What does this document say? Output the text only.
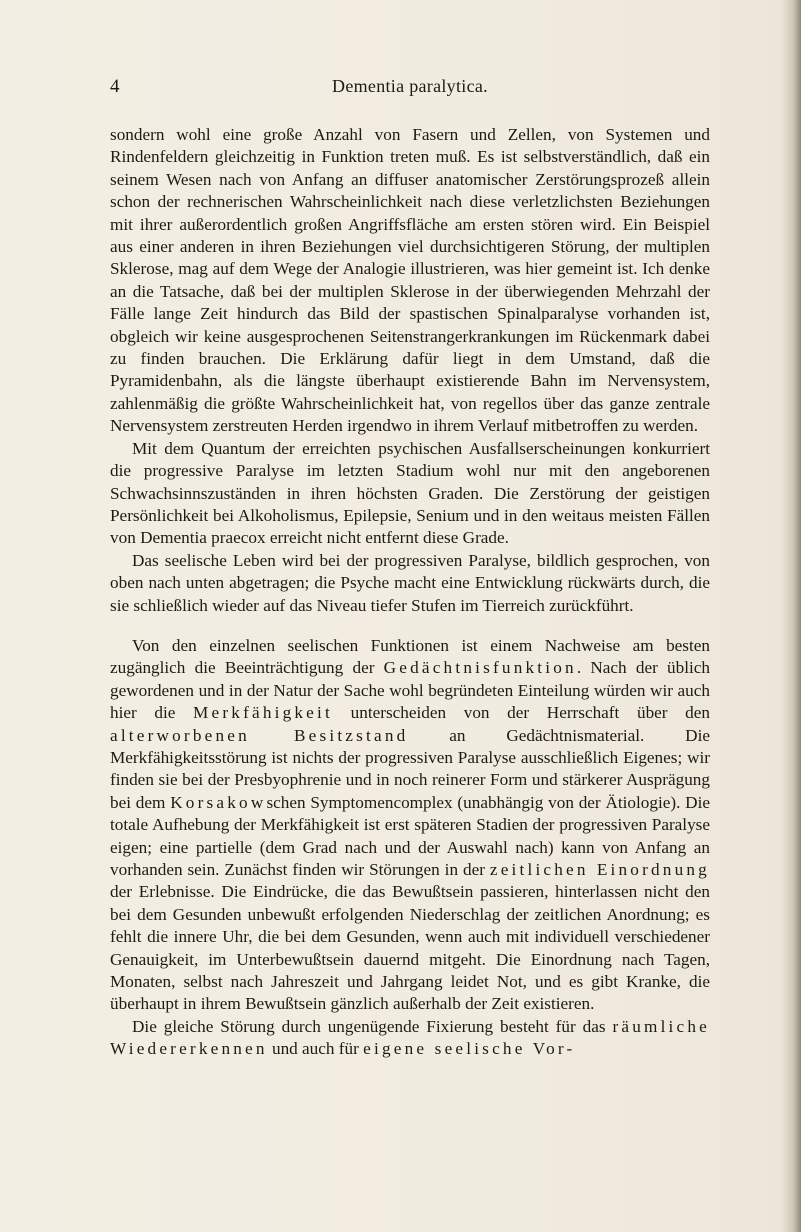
4	Dementia paralytica.

sondern wohl eine große Anzahl von Fasern und Zellen, von Systemen und Rindenfeldern gleichzeitig in Funktion treten muß. Es ist selbstverständlich, daß ein seinem Wesen nach von Anfang an diffuser anatomischer Zerstörungsprozeß allein schon der rechnerischen Wahrscheinlichkeit nach diese verletzlichsten Beziehungen mit ihrer außerordentlich großen Angriffsfläche am ersten stören wird. Ein Beispiel aus einer anderen in ihren Beziehungen viel durchsichtigeren Störung, der multiplen Sklerose, mag auf dem Wege der Analogie illustrieren, was hier gemeint ist. Ich denke an die Tatsache, daß bei der multiplen Sklerose in der überwiegenden Mehrzahl der Fälle lange Zeit hindurch das Bild der spastischen Spinalparalyse vorhanden ist, obgleich wir keine ausgesprochenen Seitenstrangerkrankungen im Rückenmark dabei zu finden brauchen. Die Erklärung dafür liegt in dem Umstand, daß die Pyramidenbahn, als die längste überhaupt existierende Bahn im Nervensystem, zahlenmäßig die größte Wahrscheinlichkeit hat, von regellos über das ganze zentrale Nervensystem zerstreuten Herden irgendwo in ihrem Verlauf mitbetroffen zu werden.

Mit dem Quantum der erreichten psychischen Ausfallserscheinungen konkurriert die progressive Paralyse im letzten Stadium wohl nur mit den angeborenen Schwachsinnszuständen in ihren höchsten Graden. Die Zerstörung der geistigen Persönlichkeit bei Alkoholismus, Epilepsie, Senium und in den weitaus meisten Fällen von Dementia praecox erreicht nicht entfernt diese Grade.

Das seelische Leben wird bei der progressiven Paralyse, bildlich gesprochen, von oben nach unten abgetragen; die Psyche macht eine Entwicklung rückwärts durch, die sie schließlich wieder auf das Niveau tiefer Stufen im Tierreich zurückführt.

Von den einzelnen seelischen Funktionen ist einem Nachweise am besten zugänglich die Beeinträchtigung der Gedächtnisfunktion. Nach der üblich gewordenen und in der Natur der Sache wohl begründeten Einteilung würden wir auch hier die Merkfähigkeit unterscheiden von der Herrschaft über den alterworbenen Besitzstand an Gedächtnismaterial. Die Merkfähigkeitsstörung ist nichts der progressiven Paralyse ausschließlich Eigenes; wir finden sie bei der Presbyophrenie und in noch reinerer Form und stärkerer Ausprägung bei dem Korsakowschen Symptomencomplex (unabhängig von der Ätiologie). Die totale Aufhebung der Merkfähigkeit ist erst späteren Stadien der progressiven Paralyse eigen; eine partielle (dem Grad nach und der Auswahl nach) kann von Anfang an vorhanden sein. Zunächst finden wir Störungen in der zeitlichen Einordnung der Erlebnisse. Die Eindrücke, die das Bewußtsein passieren, hinterlassen nicht den bei dem Gesunden unbewußt erfolgenden Niederschlag der zeitlichen Anordnung; es fehlt die innere Uhr, die bei dem Gesunden, wenn auch mit individuell verschiedener Genauigkeit, im Unterbewußtsein dauernd mitgeht. Die Einordnung nach Tagen, Monaten, selbst nach Jahreszeit und Jahrgang leidet Not, und es gibt Kranke, die überhaupt in ihrem Bewußtsein gänzlich außerhalb der Zeit existieren.

Die gleiche Störung durch ungenügende Fixierung besteht für das räumliche Wiedererkennen und auch für eigene seelische Vor-
